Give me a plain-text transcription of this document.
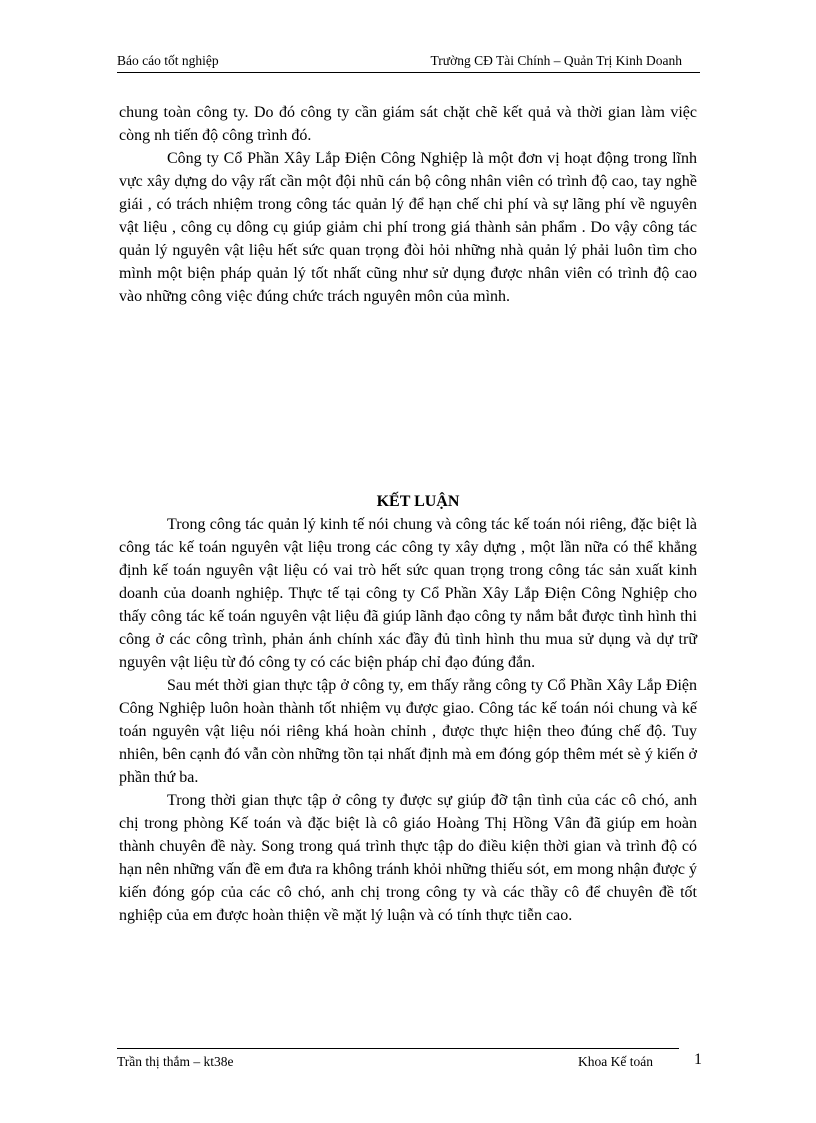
Báo cáo tốt nghiệp	Trường CĐ Tài Chính – Quản Trị Kinh Doanh

chung toàn công ty. Do đó công ty cần giám sát chặt chẽ kết quả và thời gian làm việc còng nh tiến độ công trình đó.

Công ty Cổ Phần Xây Lắp Điện Công Nghiệp là một đơn vị hoạt động trong lĩnh vực xây dựng do vậy rất cần một đội nhũ cán bộ công nhân viên có trình độ cao, tay nghề giái , có trách nhiệm trong công tác quản lý để hạn chế chi phí và sự lãng phí về nguyên vật liệu , công cụ dông cụ giúp giảm chi phí trong giá thành sản phẩm . Do vậy công tác quản lý nguyên vật liệu hết sức quan trọng đòi hỏi những nhà quản lý phải luôn tìm cho mình một biện pháp quản lý tốt nhất cũng như sử dụng được nhân viên có trình độ cao vào những công việc đúng chức trách nguyên môn của mình.

KẾT LUẬN

Trong công tác quản lý kinh tế nói chung và công tác kế toán nói riêng, đặc biệt là công tác kế toán nguyên vật liệu trong các công ty xây dựng , một lần nữa có thể khẳng định kế toán nguyên vật liệu có vai trò hết sức quan trọng trong công tác sản xuất kinh doanh của doanh nghiệp. Thực tế tại công ty Cổ Phần Xây Lắp Điện Công Nghiệp cho thấy công tác kế toán nguyên vật liệu đã giúp lãnh đạo công ty nắm bắt được tình hình thi công ở các công trình, phản ánh chính xác đầy đủ tình hình thu mua sử dụng và dự trữ nguyên vật liệu từ đó công ty có các biện pháp chỉ đạo đúng đắn.

Sau mét thời gian thực tập ở công ty, em thấy rằng công ty Cổ Phần Xây Lắp Điện Công Nghiệp luôn hoàn thành tốt nhiệm vụ được giao. Công tác kế toán nói chung và kế toán nguyên vật liệu nói riêng khá hoàn chỉnh , được thực hiện theo đúng chế độ. Tuy nhiên, bên cạnh đó vẫn còn những tồn tại nhất định mà em đóng góp thêm mét sè ý kiến ở phần thứ ba.

Trong thời gian thực tập ở công ty được sự giúp đỡ tận tình của các cô chó, anh chị trong phòng Kế toán và đặc biệt là cô giáo Hoàng Thị Hồng Vân đã giúp em hoàn thành chuyên đề này. Song trong quá trình thực tập do điều kiện thời gian và trình độ có hạn nên những vấn đề em đưa ra không tránh khỏi những thiếu sót, em mong nhận được ý kiến đóng góp của các cô chó, anh chị trong công ty và các thầy cô để chuyên đề tốt nghiệp của em được hoàn thiện về mặt lý luận và có tính thực tiễn cao.

Trần thị thắm – kt38e	Khoa Kế toán	1
